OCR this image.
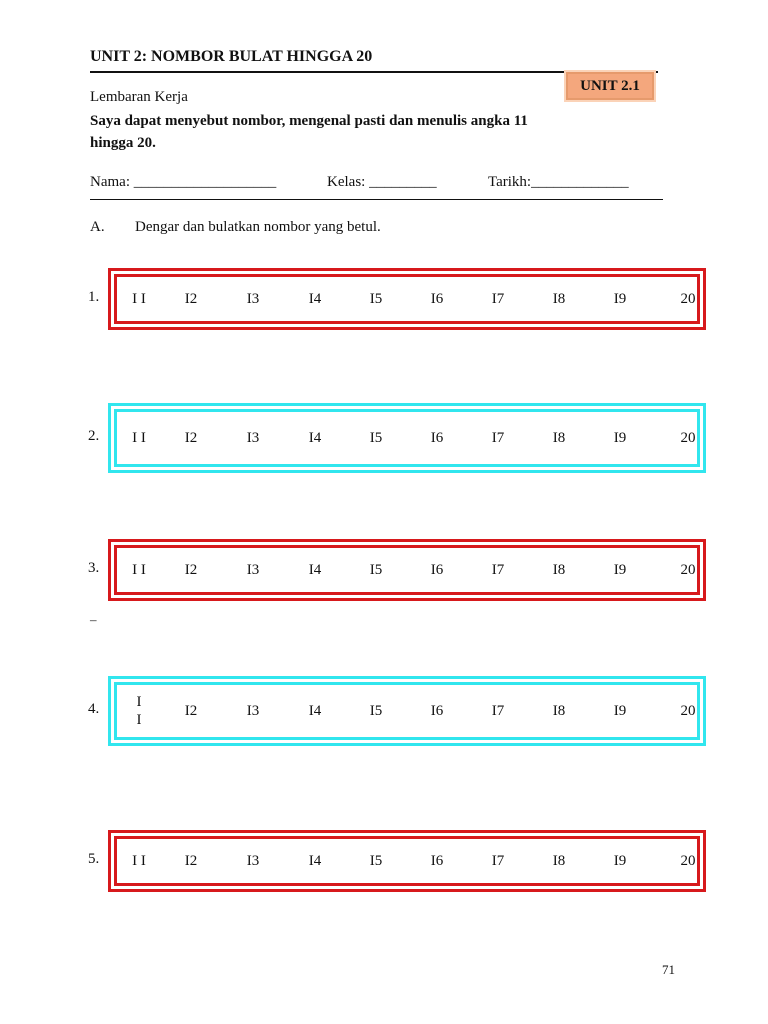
UNIT 2: NOMBOR BULAT HINGGA 20
UNIT 2.1
Lembaran Kerja
Saya dapat menyebut nombor, mengenal pasti dan menulis angka 11 hingga 20.
Nama: ___________________	Kelas: _________	Tarikh:_____________
A. Dengar dan bulatkan nombor yang betul.
1. I I	I2	I3	I4	I5	I6	I7	I8	I9	20
2. I I	I2	I3	I4	I5	I6	I7	I8	I9	20
3. I I	I2	I3	I4	I5	I6	I7	I8	I9	20
4. I
I
I2	I3	I4	I5	I6	I7	I8	I9	20
5. I I	I2	I3	I4	I5	I6	I7	I8	I9	20
–
71
